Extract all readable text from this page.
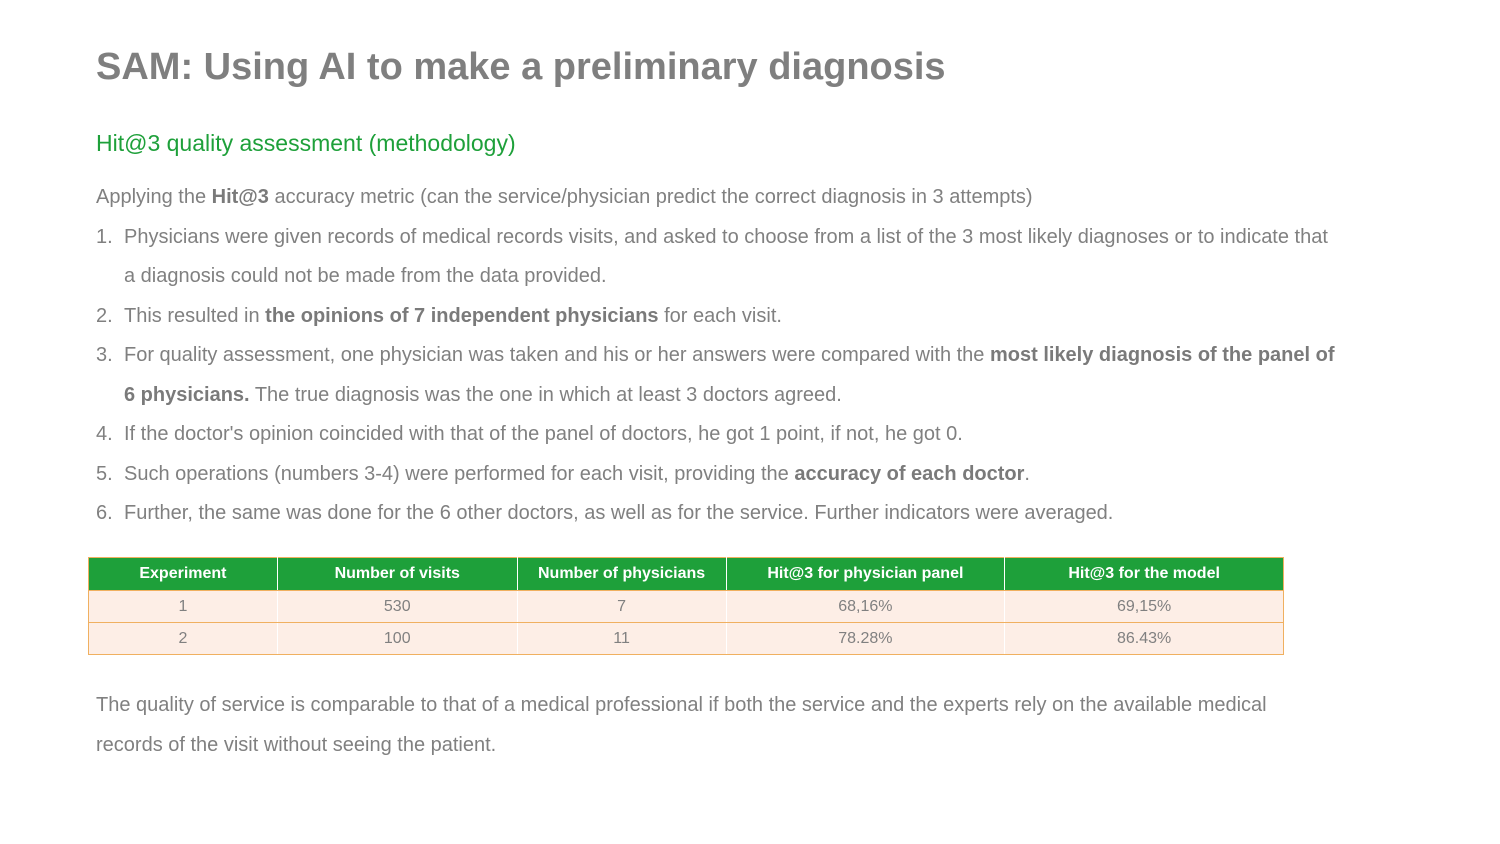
SAM: Using AI to make a preliminary diagnosis
Hit@3 quality assessment (methodology)

Applying the Hit@3 accuracy metric (can the service/physician predict the correct diagnosis in 3 attempts)

1. Physicians were given records of medical records visits, and asked to choose from a list of the 3 most likely diagnoses or to indicate that a diagnosis could not be made from the data provided.
2. This resulted in the opinions of 7 independent physicians for each visit.
3. For quality assessment, one physician was taken and his or her answers were compared with the most likely diagnosis of the panel of 6 physicians. The true diagnosis was the one in which at least 3 doctors agreed.
4. If the doctor's opinion coincided with that of the panel of doctors, he got 1 point, if not, he got 0.
5. Such operations (numbers 3-4) were performed for each visit, providing the accuracy of each doctor.
6. Further, the same was done for the 6 other doctors, as well as for the service. Further indicators were averaged.
Experiment	Number of visits	Number of physicians	Hit@3 for physician panel	Hit@3 for the model
1	530	7	68,16%	69,15%
2	100	11	78.28%	86.43%

The quality of service is comparable to that of a medical professional if both the service and the experts rely on the available medical records of the visit without seeing the patient.
